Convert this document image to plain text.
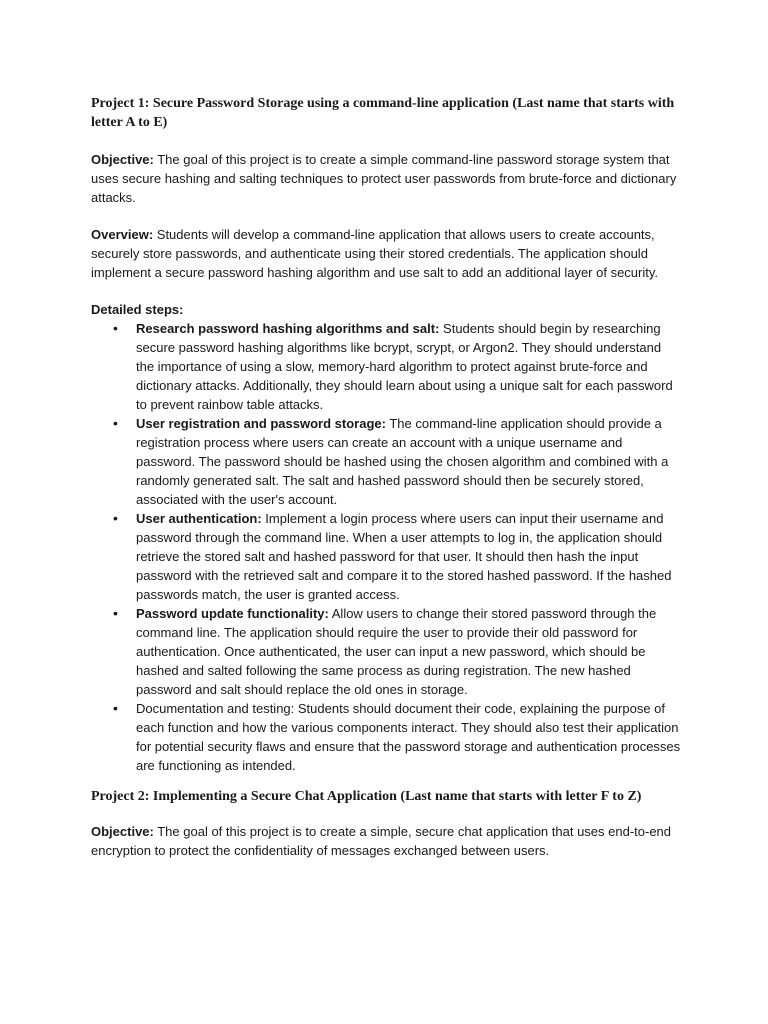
Project 1: Secure Password Storage using a command-line application (Last name that starts with letter A to E)

Objective: The goal of this project is to create a simple command-line password storage system that uses secure hashing and salting techniques to protect user passwords from brute-force and dictionary attacks.

Overview: Students will develop a command-line application that allows users to create accounts, securely store passwords, and authenticate using their stored credentials. The application should implement a secure password hashing algorithm and use salt to add an additional layer of security.

Detailed steps:

• Research password hashing algorithms and salt: Students should begin by researching secure password hashing algorithms like bcrypt, scrypt, or Argon2. They should understand the importance of using a slow, memory-hard algorithm to protect against brute-force and dictionary attacks. Additionally, they should learn about using a unique salt for each password to prevent rainbow table attacks.
• User registration and password storage: The command-line application should provide a registration process where users can create an account with a unique username and password. The password should be hashed using the chosen algorithm and combined with a randomly generated salt. The salt and hashed password should then be securely stored, associated with the user's account.
• User authentication: Implement a login process where users can input their username and password through the command line. When a user attempts to log in, the application should retrieve the stored salt and hashed password for that user. It should then hash the input password with the retrieved salt and compare it to the stored hashed password. If the hashed passwords match, the user is granted access.
• Password update functionality: Allow users to change their stored password through the command line. The application should require the user to provide their old password for authentication. Once authenticated, the user can input a new password, which should be hashed and salted following the same process as during registration. The new hashed password and salt should replace the old ones in storage.
• Documentation and testing: Students should document their code, explaining the purpose of each function and how the various components interact. They should also test their application for potential security flaws and ensure that the password storage and authentication processes are functioning as intended.

Project 2: Implementing a Secure Chat Application (Last name that starts with letter F to Z)

Objective: The goal of this project is to create a simple, secure chat application that uses end-to-end encryption to protect the confidentiality of messages exchanged between users.
